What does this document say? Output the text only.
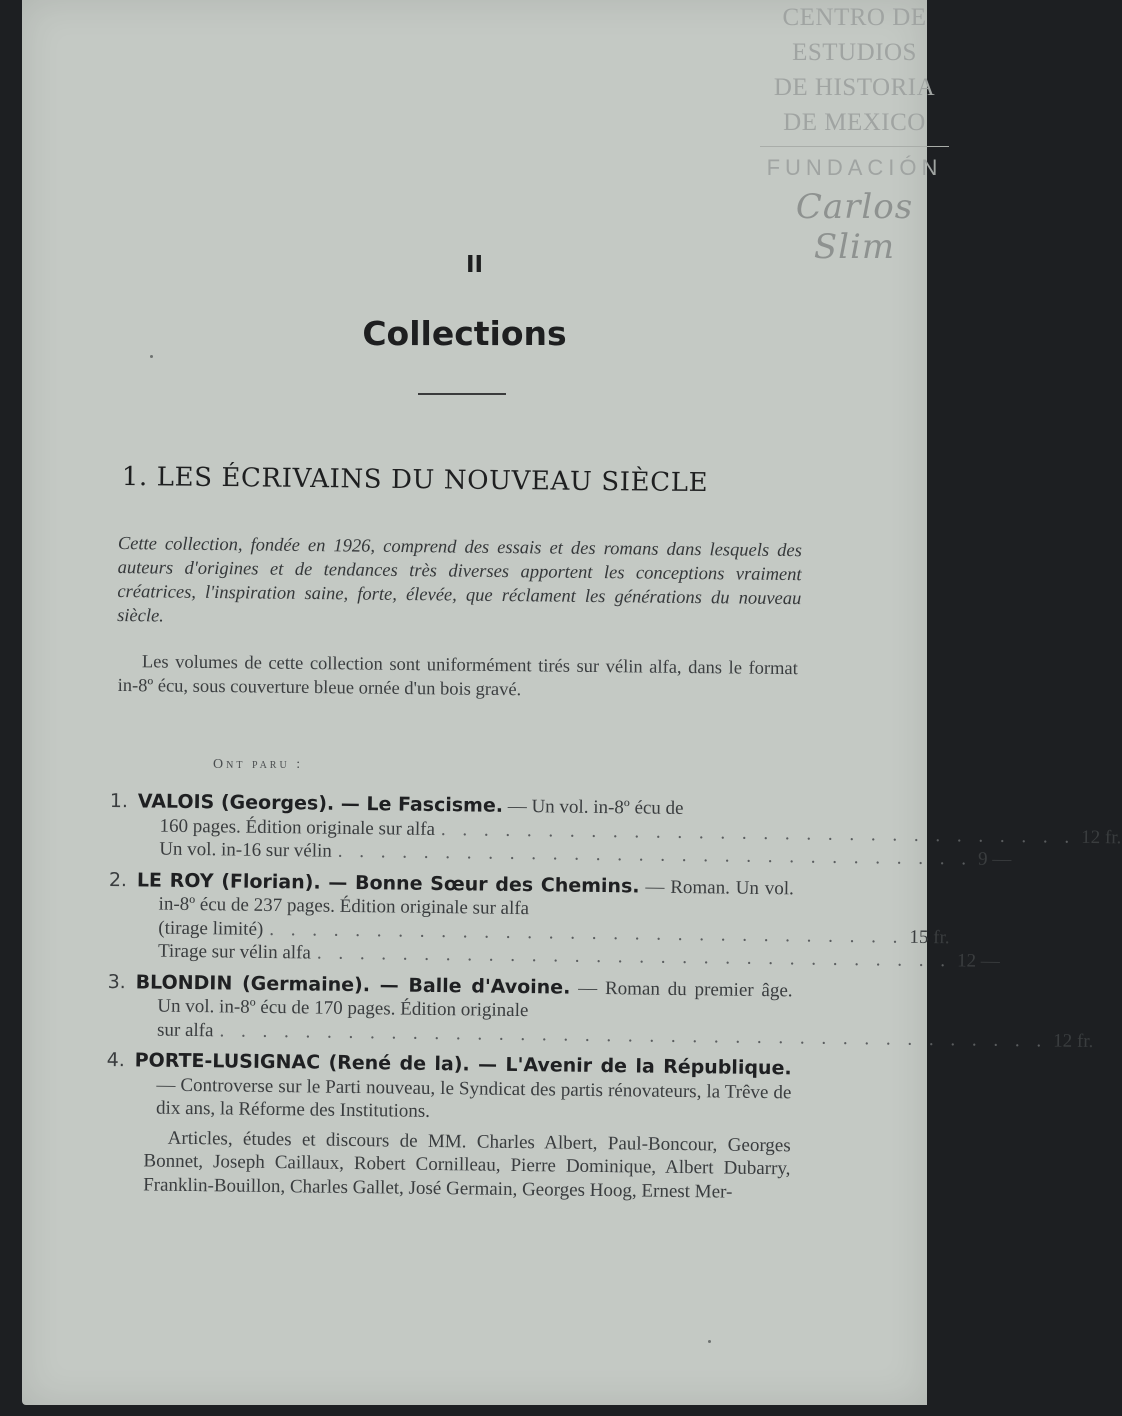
CENTRO DE
ESTUDIOS
DE HISTORIA
DE MEXICO
FUNDACIÓN
Carlos Slim
II
Collections
1. LES ÉCRIVAINS DU NOUVEAU SIÈCLE
Cette collection, fondée en 1926, comprend des essais et des romans dans lesquels des auteurs d'origines et de tendances très diverses apportent les conceptions vraiment créatrices, l'inspiration saine, forte, élevée, que réclament les générations du nouveau siècle.
Les volumes de cette collection sont uniformément tirés sur vélin alfa, dans le format in-8º écu, sous couverture bleue ornée d'un bois gravé.
Ont paru :
1. VALOIS (Georges). — Le Fascisme. — Un vol. in-8º écu de
160 pages. Édition originale sur alfa . . . . . . . . . . . . . . . . . . . . . . . . . . . . . . 12 fr.
Un vol. in-16 sur vélin . . . . . . . . . . . . . . . . . . . . . . . . . . . . . . 9 —
2. LE ROY (Florian). — Bonne Sœur des Chemins. — Roman. Un vol. in-8º écu de 237 pages. Édition originale sur alfa
(tirage limité) . . . . . . . . . . . . . . . . . . . . . . . . . . . . . . 15 fr.
Tirage sur vélin alfa . . . . . . . . . . . . . . . . . . . . . . . . . . . . . . 12 —
3. BLONDIN (Germaine). — Balle d'Avoine. — Roman du premier âge. Un vol. in-8º écu de 170 pages. Édition originale
sur alfa . . . . . . . . . . . . . . . . . . . . . . . . . . . . . . . . . . . . . . . 12 fr.
4. PORTE-LUSIGNAC (René de la). — L'Avenir de la République. — Controverse sur le Parti nouveau, le Syndicat des partis rénovateurs, la Trêve de dix ans, la Réforme des Institutions.
Articles, études et discours de MM. Charles Albert, Paul-Boncour, Georges Bonnet, Joseph Caillaux, Robert Cornilleau, Pierre Dominique, Albert Dubarry, Franklin-Bouillon, Charles Gallet, José Germain, Georges Hoog, Ernest Mer-
